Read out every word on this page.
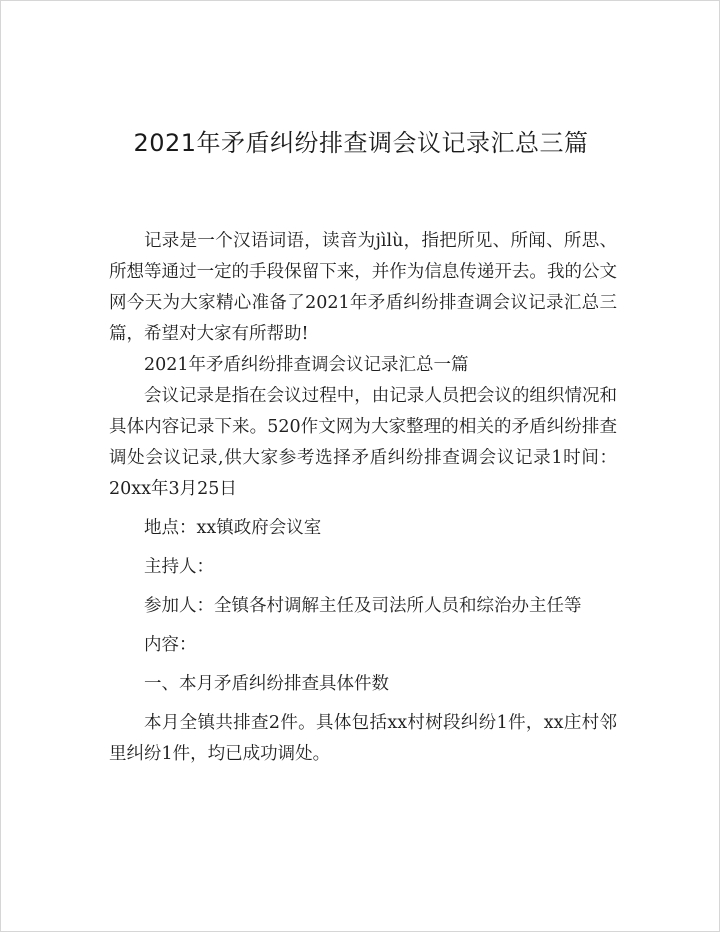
2021年矛盾纠纷排查调会议记录汇总三篇

记录是一个汉语词语，读音为jìlù，指把所见、所闻、所思、所想等通过一定的手段保留下来，并作为信息传递开去。我的公文网今天为大家精心准备了2021年矛盾纠纷排查调会议记录汇总三篇，希望对大家有所帮助!

2021年矛盾纠纷排查调会议记录汇总一篇

会议记录是指在会议过程中，由记录人员把会议的组织情况和具体内容记录下来。520作文网为大家整理的相关的矛盾纠纷排查调处会议记录,供大家参考选择矛盾纠纷排查调会议记录1时间：20xx年3月25日

地点：xx镇政府会议室

主持人：

参加人：全镇各村调解主任及司法所人员和综治办主任等

内容：

一、本月矛盾纠纷排查具体件数

本月全镇共排查2件。具体包括xx村树段纠纷1件，xx庄村邻里纠纷1件，均已成功调处。
